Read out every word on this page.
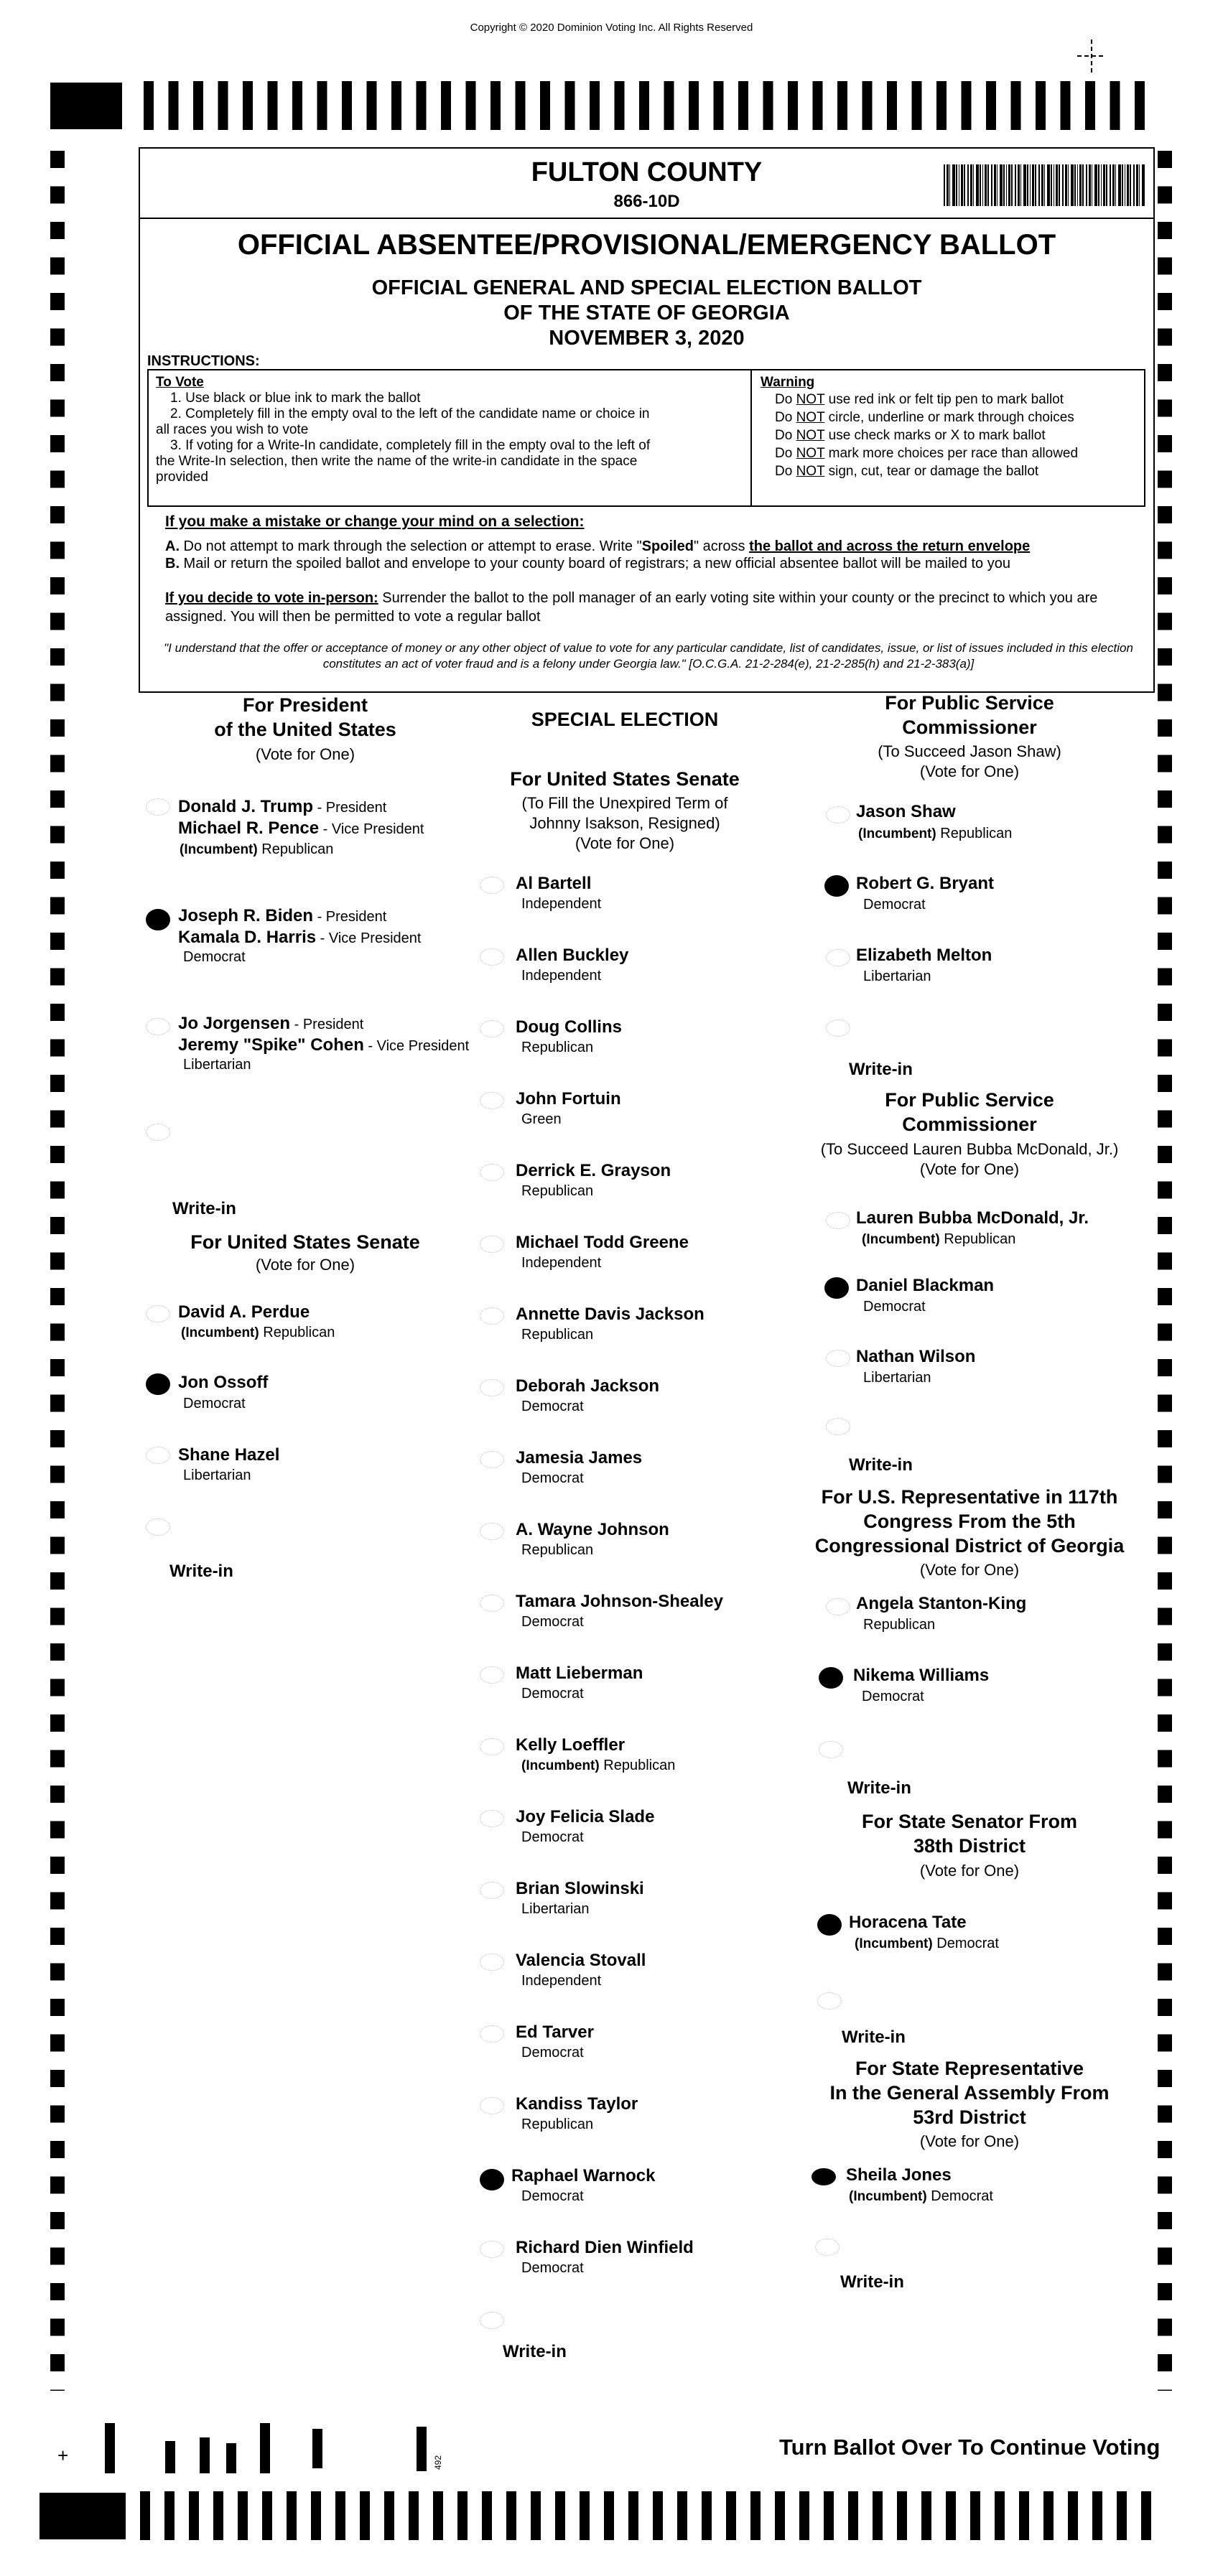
Copyright © 2020 Dominion Voting Inc. All Rights Reserved
FULTON COUNTY
866-10D
OFFICIAL ABSENTEE/PROVISIONAL/EMERGENCY BALLOT
OFFICIAL GENERAL AND SPECIAL ELECTION BALLOT
OF THE STATE OF GEORGIA
NOVEMBER 3, 2020
INSTRUCTIONS:

To Vote

1. Use black or blue ink to mark the ballot

2. Completely fill in the empty oval to the left of the candidate name or choice in

all races you wish to vote

3. If voting for a Write-In candidate, completely fill in the empty oval to the left of

the Write-In selection, then write the name of the write-in candidate in the space

provided

Warning

Do NOT use red ink or felt tip pen to mark ballot

Do NOT circle, underline or mark through choices

Do NOT use check marks or X to mark ballot

Do NOT mark more choices per race than allowed

Do NOT sign, cut, tear or damage the ballot

If you make a mistake or change your mind on a selection:
A. Do not attempt to mark through the selection or attempt to erase. Write "Spoiled" across the ballot and across the return envelope
B. Mail or return the spoiled ballot and envelope to your county board of registrars; a new official absentee ballot will be mailed to you
If you decide to vote in-person: Surrender the ballot to the poll manager of an early voting site within your county or the precinct to which you are assigned. You will then be permitted to vote a regular ballot
"I understand that the offer or acceptance of money or any other object of value to vote for any particular candidate, list of candidates, issue, or list of issues included in this election constitutes an act of voter fraud and is a felony under Georgia law." [O.C.G.A. 21-2-284(e), 21-2-285(h) and 21-2-383(a)]
For President
of the United States
(Vote for One)
Donald J. Trump - President
Michael R. Pence - Vice President
(Incumbent) Republican
Joseph R. Biden - President
Kamala D. Harris - Vice President
Democrat
Jo Jorgensen - President
Jeremy "Spike" Cohen - Vice President
Libertarian
Write-in
For United States Senate
(Vote for One)
David A. Perdue
(Incumbent) Republican
Jon Ossoff
Democrat
Shane Hazel
Libertarian
Write-in
SPECIAL ELECTION
For United States Senate
(To Fill the Unexpired Term of
Johnny Isakson, Resigned)
(Vote for One)
Al Bartell
Independent
Allen Buckley
Independent
Doug Collins
Republican
John Fortuin
Green
Derrick E. Grayson
Republican
Michael Todd Greene
Independent
Annette Davis Jackson
Republican
Deborah Jackson
Democrat
Jamesia James
Democrat
A. Wayne Johnson
Republican
Tamara Johnson-Shealey
Democrat
Matt Lieberman
Democrat
Kelly Loeffler
(Incumbent) Republican
Joy Felicia Slade
Democrat
Brian Slowinski
Libertarian
Valencia Stovall
Independent
Ed Tarver
Democrat
Kandiss Taylor
Republican
Raphael Warnock
Democrat
Richard Dien Winfield
Democrat
Write-in
For Public Service
Commissioner
(To Succeed Jason Shaw)
(Vote for One)
Jason Shaw
(Incumbent) Republican
Robert G. Bryant
Democrat
Elizabeth Melton
Libertarian
Write-in
For Public Service
Commissioner
(To Succeed Lauren Bubba McDonald, Jr.)
(Vote for One)
Lauren Bubba McDonald, Jr.
(Incumbent) Republican
Daniel Blackman
Democrat
Nathan Wilson
Libertarian
Write-in
For U.S. Representative in 117th
Congress From the 5th
Congressional District of Georgia
(Vote for One)
Angela Stanton-King
Republican
Nikema Williams
Democrat
Write-in
For State Senator From
38th District
(Vote for One)
Horacena Tate
(Incumbent) Democrat
Write-in
For State Representative
In the General Assembly From
53rd District
(Vote for One)
Sheila Jones
(Incumbent) Democrat
Write-in
+	492
Turn Ballot Over To Continue Voting
